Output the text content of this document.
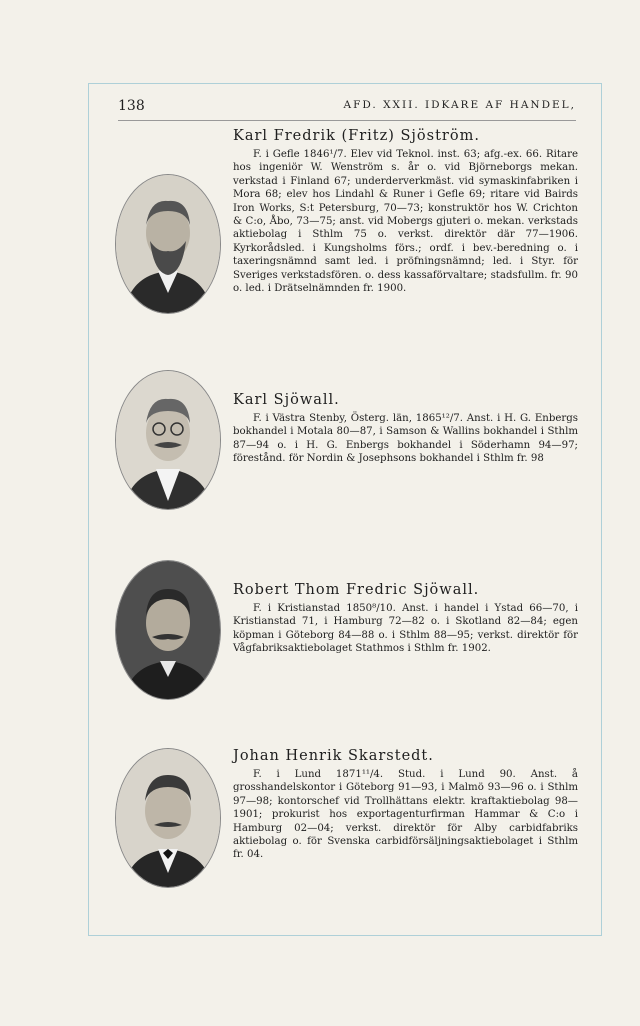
138	AFD. XXII. IDKARE AF HANDEL,
Karl Fredrik (Fritz) Sjöström.

F. i Gefle 1846¹/7. Elev vid Teknol. inst. 63; afg.-ex. 66. Ritare hos ingeniör W. Wenström s. år o. vid Björneborgs mekan. verkstad i Finland 67; underderverkmäst. vid symaskinfabriken i Mora 68; elev hos Lindahl & Runer i Gefle 69; ritare vid Bairds Iron Works, S:t Petersburg, 70—73; konstruktör hos W. Crichton & C:o, Åbo, 73—75; anst. vid Mobergs gjuteri o. mekan. verkstads aktiebolag i Sthlm 75 o. verkst. direktör där 77—1906. Kyrkorådsled. i Kungsholms förs.; ordf. i bev.-beredning o. i taxeringsnämnd samt led. i pröfningsnämnd; led. i Styr. för Sveriges verkstadsfören. o. dess kassaförvaltare; stadsfullm. fr. 90 o. led. i Drätselnämnden fr. 1900.

Karl Sjöwall.

F. i Västra Stenby, Österg. län, 1865¹²/7. Anst. i H. G. Enbergs bokhandel i Motala 80—87, i Samson & Wallins bokhandel i Sthlm 87—94 o. i H. G. Enbergs bokhandel i Söderhamn 94—97; förestånd. för Nordin & Josephsons bokhandel i Sthlm fr. 98

Robert Thom Fredric Sjöwall.

F. i Kristianstad 1850⁸/10. Anst. i handel i Ystad 66—70, i Kristianstad 71, i Hamburg 72—82 o. i Skotland 82—84; egen köpman i Göteborg 84—88 o. i Sthlm 88—95; verkst. direktör för Vågfabriksaktiebolaget Stathmos i Sthlm fr. 1902.

Johan Henrik Skarstedt.

F. i Lund 1871¹¹/4. Stud. i Lund 90. Anst. å grosshandelskontor i Göteborg 91—93, i Malmö 93—96 o. i Sthlm 97—98; kontorschef vid Trollhättans elektr. kraftaktiebolag 98—1901; prokurist hos exportagenturfirman Hammar & C:o i Hamburg 02—04; verkst. direktör för Alby carbidfabriks aktiebolag o. för Svenska carbidförsäljningsaktiebolaget i Sthlm fr. 04.
